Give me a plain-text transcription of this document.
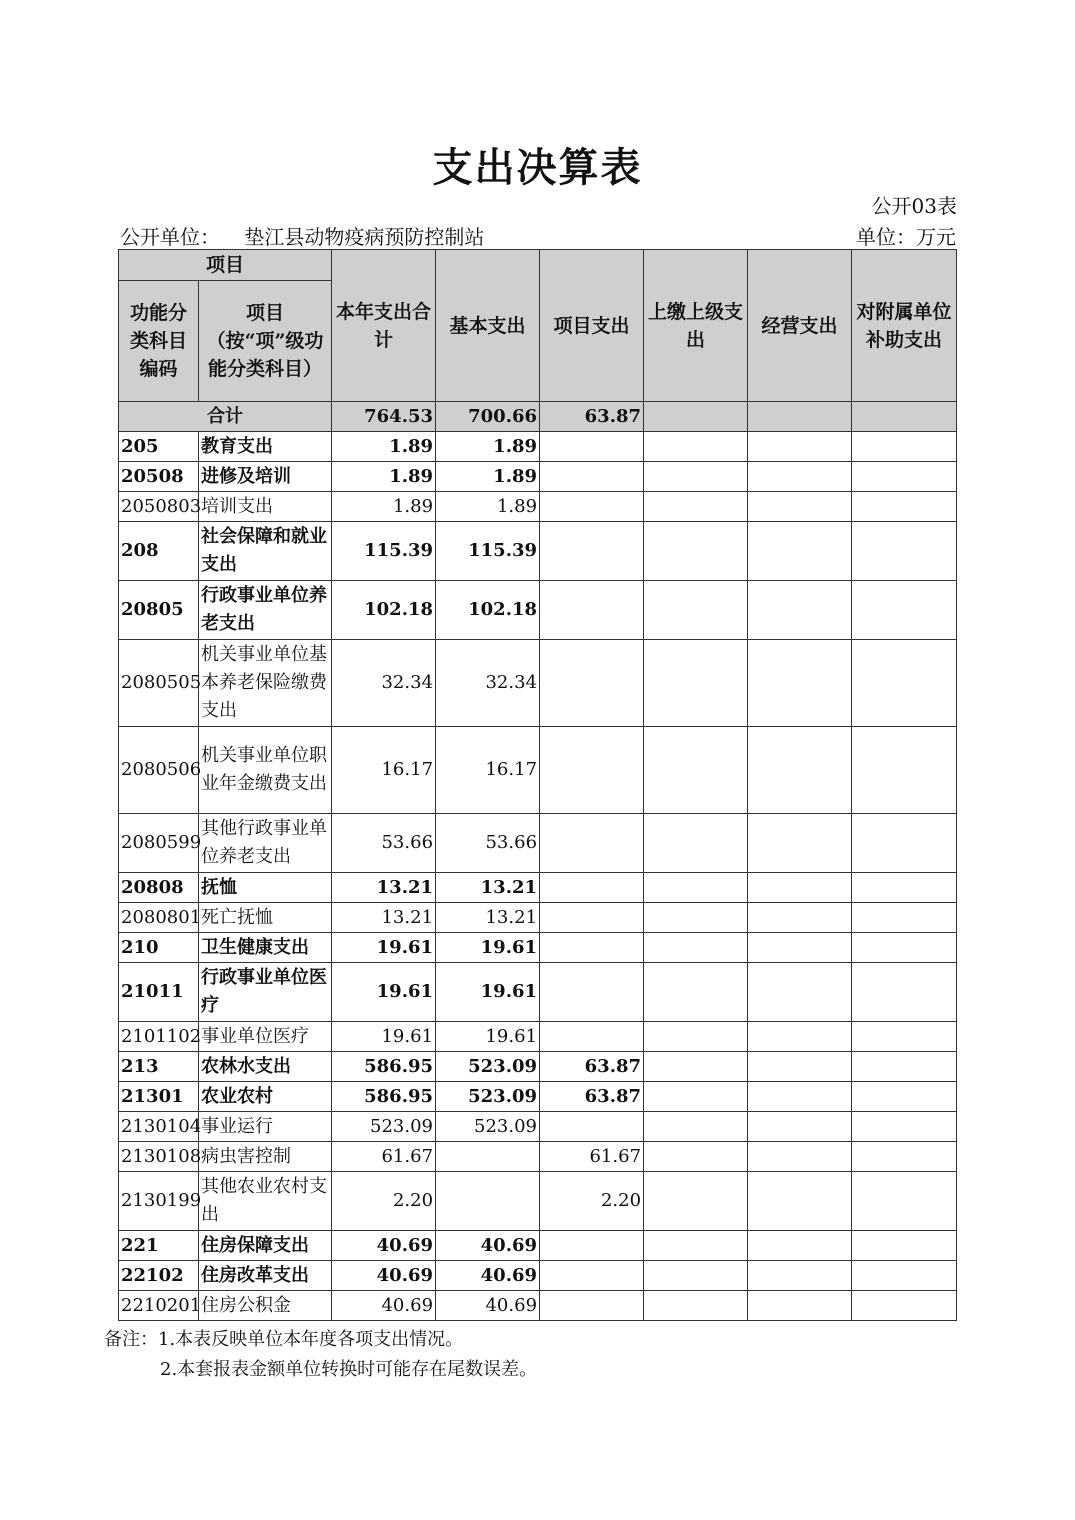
支出决算表
公开03表
公开单位： 垫江县动物疫病预防控制站	单位：万元
项目		本年支出合计	基本支出	项目支出	上缴上级支出	经营支出	对附属单位补助支出
功能分类科目编码	项目（按“项”级功能分类科目）						
合计		764.53	700.66	63.87			
205	教育支出	1.89	1.89				
20508	进修及培训	1.89	1.89				
2050803	培训支出	1.89	1.89				
208	社会保障和就业支出	115.39	115.39				
20805	行政事业单位养老支出	102.18	102.18				
2080505	机关事业单位基本养老保险缴费支出	32.34	32.34				
2080506	机关事业单位职业年金缴费支出	16.17	16.17				
2080599	其他行政事业单位养老支出	53.66	53.66				
20808	抚恤	13.21	13.21				
2080801	死亡抚恤	13.21	13.21				
210	卫生健康支出	19.61	19.61				
21011	行政事业单位医疗	19.61	19.61				
2101102	事业单位医疗	19.61	19.61				
213	农林水支出	586.95	523.09	63.87			
21301	农业农村	586.95	523.09	63.87			
2130104	事业运行	523.09	523.09				
2130108	病虫害控制	61.67		61.67			
2130199	其他农业农村支出	2.20		2.20			
221	住房保障支出	40.69	40.69				
22102	住房改革支出	40.69	40.69				
2210201	住房公积金	40.69	40.69				
备注：1.本表反映单位本年度各项支出情况。
2.本套报表金额单位转换时可能存在尾数误差。
